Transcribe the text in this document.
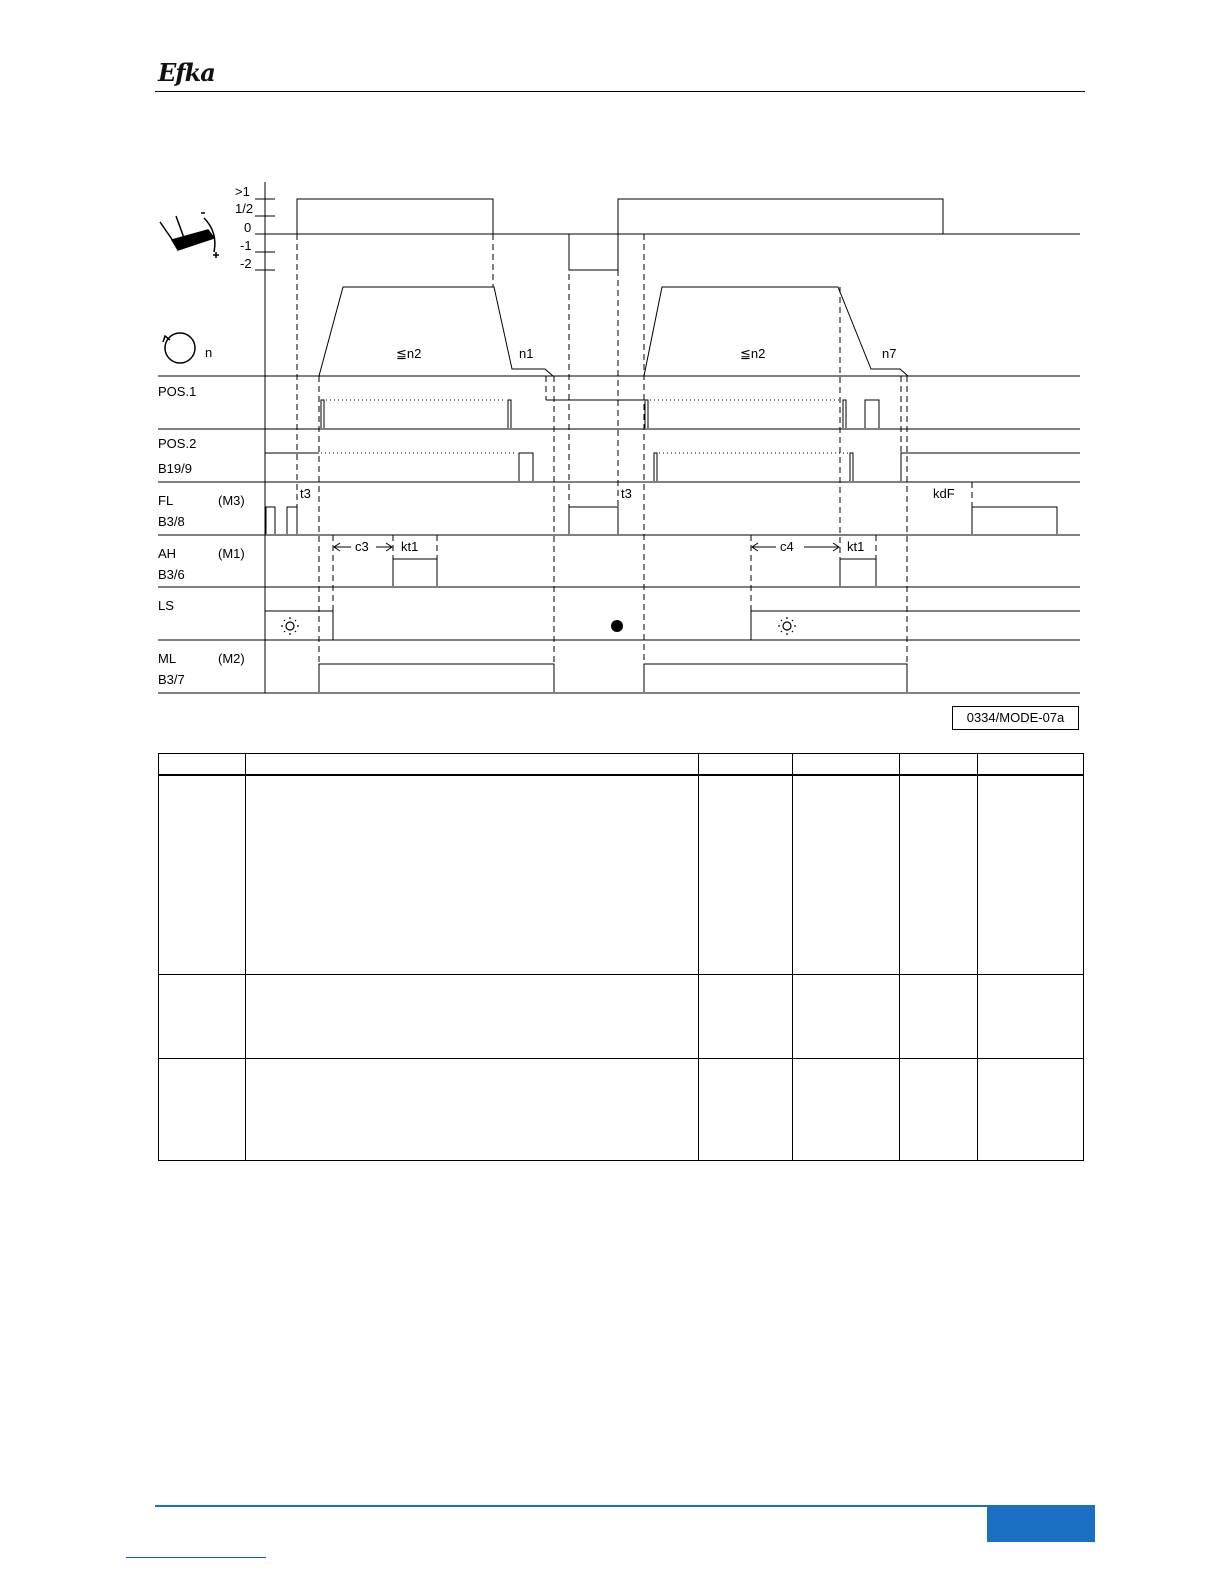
Efka
>1
1/2
0
-1
-2
n	≦n2	n1	≦n2	n7
POS.1
POS.2
B19/9
FL
B3/8
(M3)
AH
B3/6
(M1)
LS
ML
B3/7
(M2)
t3	t3	kdF
c3	c4
kt1	kt1
0334/MODE-07a
